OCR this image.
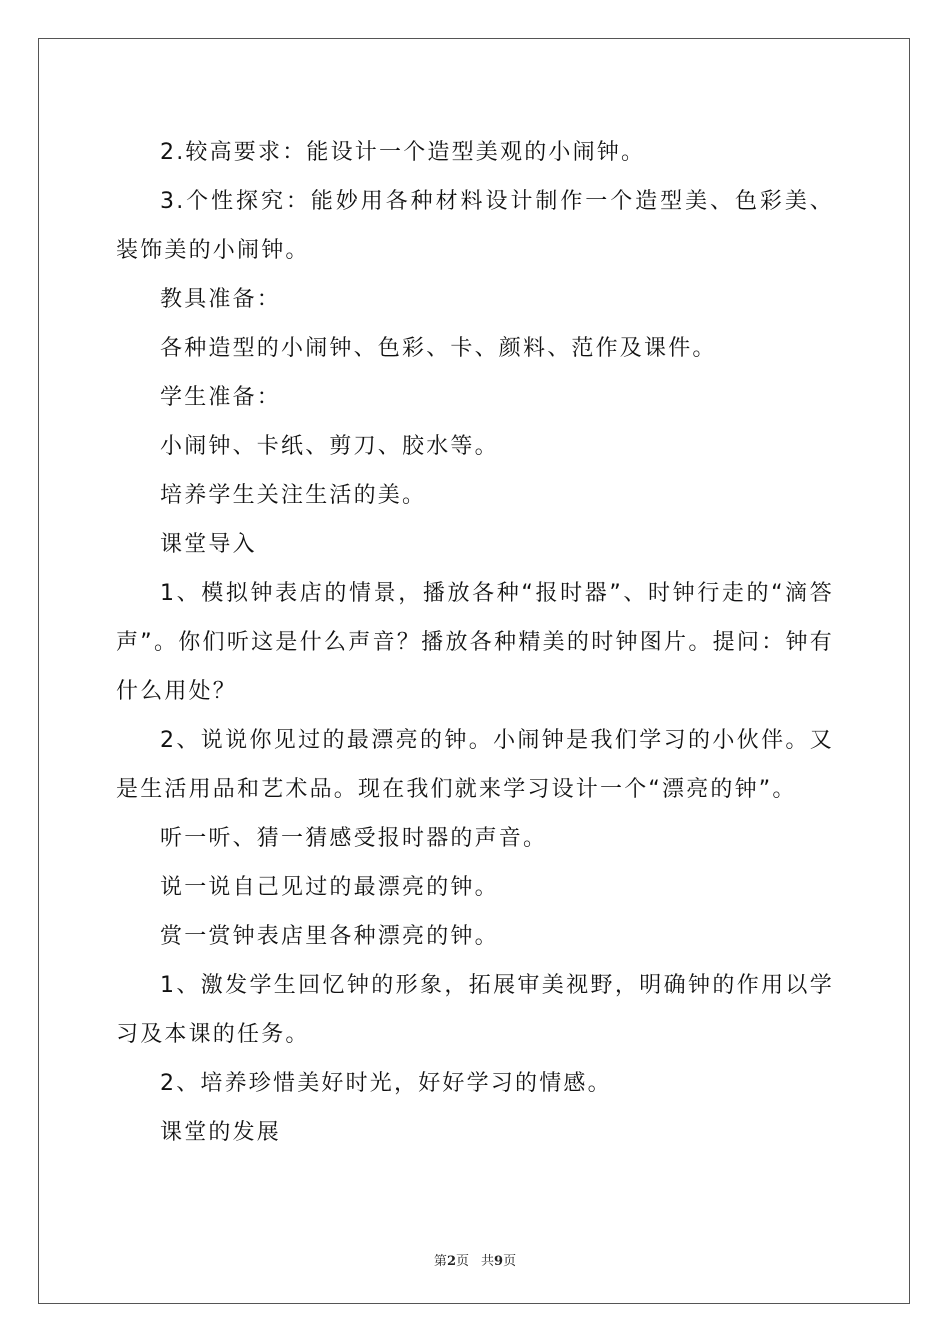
2.较高要求：能设计一个造型美观的小闹钟。

3.个性探究：能妙用各种材料设计制作一个造型美、色彩美、装饰美的小闹钟。

教具准备：

各种造型的小闹钟、色彩、卡、颜料、范作及课件。

学生准备：

小闹钟、卡纸、剪刀、胶水等。

培养学生关注生活的美。

课堂导入

1、模拟钟表店的情景，播放各种“报时器”、时钟行走的“滴答声”。你们听这是什么声音？播放各种精美的时钟图片。提问：钟有什么用处？

2、说说你见过的最漂亮的钟。小闹钟是我们学习的小伙伴。又是生活用品和艺术品。现在我们就来学习设计一个“漂亮的钟”。

听一听、猜一猜感受报时器的声音。

说一说自己见过的最漂亮的钟。

赏一赏钟表店里各种漂亮的钟。

1、激发学生回忆钟的形象，拓展审美视野，明确钟的作用以学习及本课的任务。

2、培养珍惜美好时光，好好学习的情感。

课堂的发展

第2页 共9页
